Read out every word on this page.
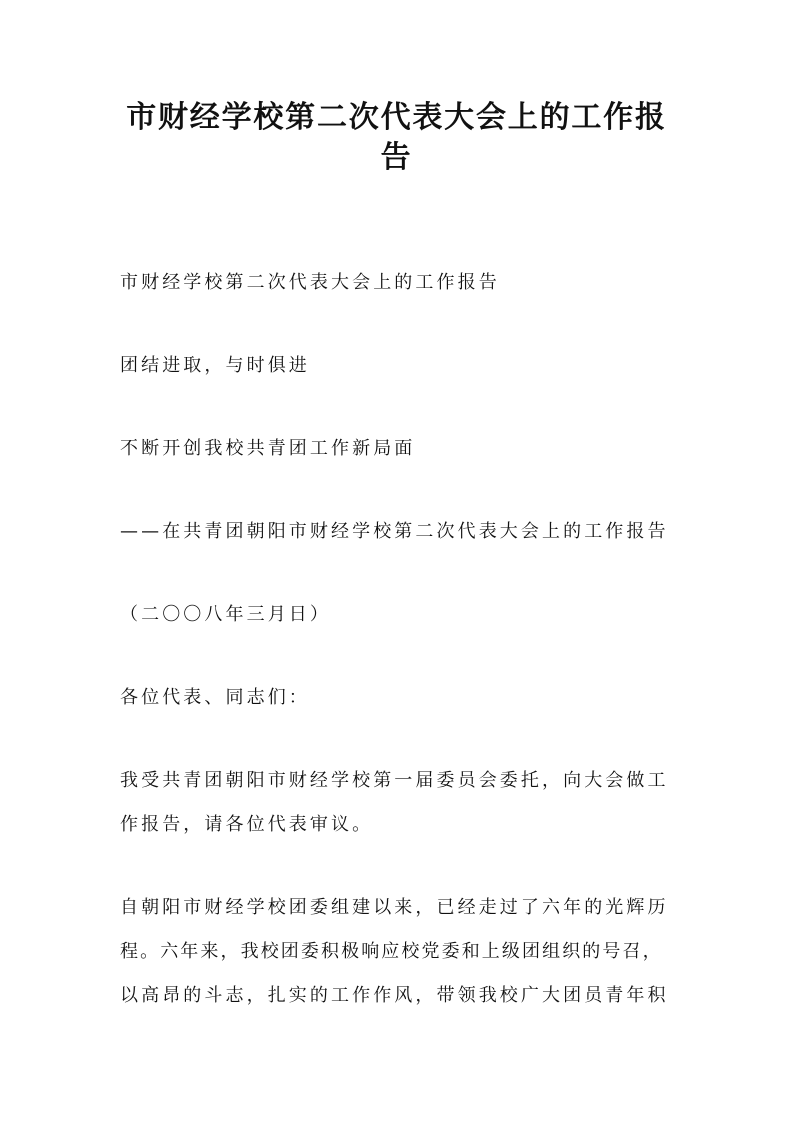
市财经学校第二次代表大会上的工作报
告
市财经学校第二次代表大会上的工作报告
团结进取，与时俱进
不断开创我校共青团工作新局面
——在共青团朝阳市财经学校第二次代表大会上的工作报告
（二〇〇八年三月日）
各位代表、同志们：
我受共青团朝阳市财经学校第一届委员会委托，向大会做工
作报告，请各位代表审议。
自朝阳市财经学校团委组建以来，已经走过了六年的光辉历
程。六年来，我校团委积极响应校党委和上级团组织的号召，
以高昂的斗志，扎实的工作作风，带领我校广大团员青年积
